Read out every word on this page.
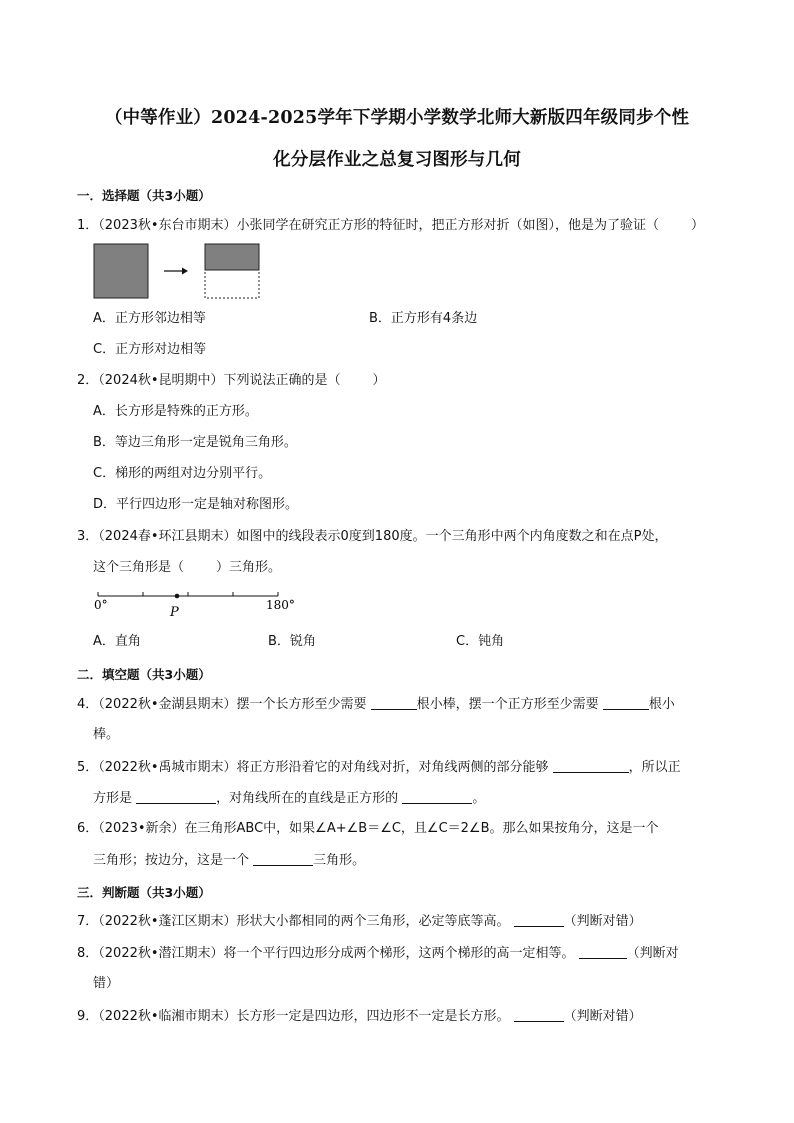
（中等作业）2024-2025学年下学期小学数学北师大新版四年级同步个性
化分层作业之总复习图形与几何
一．选择题（共3小题）
1．（2023秋•东台市期末）小张同学在研究正方形的特征时，把正方形对折（如图），他是为了验证（ ）
A．正方形邻边相等	B．正方形有4条边
C．正方形对边相等
2．（2024秋•昆明期中）下列说法正确的是（ ）
A．长方形是特殊的正方形。
B．等边三角形一定是锐角三角形。
C．梯形的两组对边分别平行。
D．平行四边形一定是轴对称图形。
3．（2024春•环江县期末）如图中的线段表示0度到180度。一个三角形中两个内角度数之和在点P处，
这个三角形是（ ）三角形。
0°	P	180°
A．直角	B．锐角	C．钝角
二．填空题（共3小题）
4．（2022秋•金湖县期末）摆一个长方形至少需要	根小棒，摆一个正方形至少需要	根小
棒。
5．（2022秋•禹城市期末）将正方形沿着它的对角线对折，对角线两侧的部分能够	，所以正
方形是	，对角线所在的直线是正方形的	。
6．（2023•新余）在三角形ABC中，如果∠A+∠B＝∠C，且∠C＝2∠B。那么如果按角分，这是一个
三角形；按边分，这是一个	三角形。
三．判断题（共3小题）
7．（2022秋•蓬江区期末）形状大小都相同的两个三角形，必定等底等高。	（判断对错）
8．（2022秋•潜江期末）将一个平行四边形分成两个梯形，这两个梯形的高一定相等。	（判断对
错）
9．（2022秋•临湘市期末）长方形一定是四边形，四边形不一定是长方形。	（判断对错）
